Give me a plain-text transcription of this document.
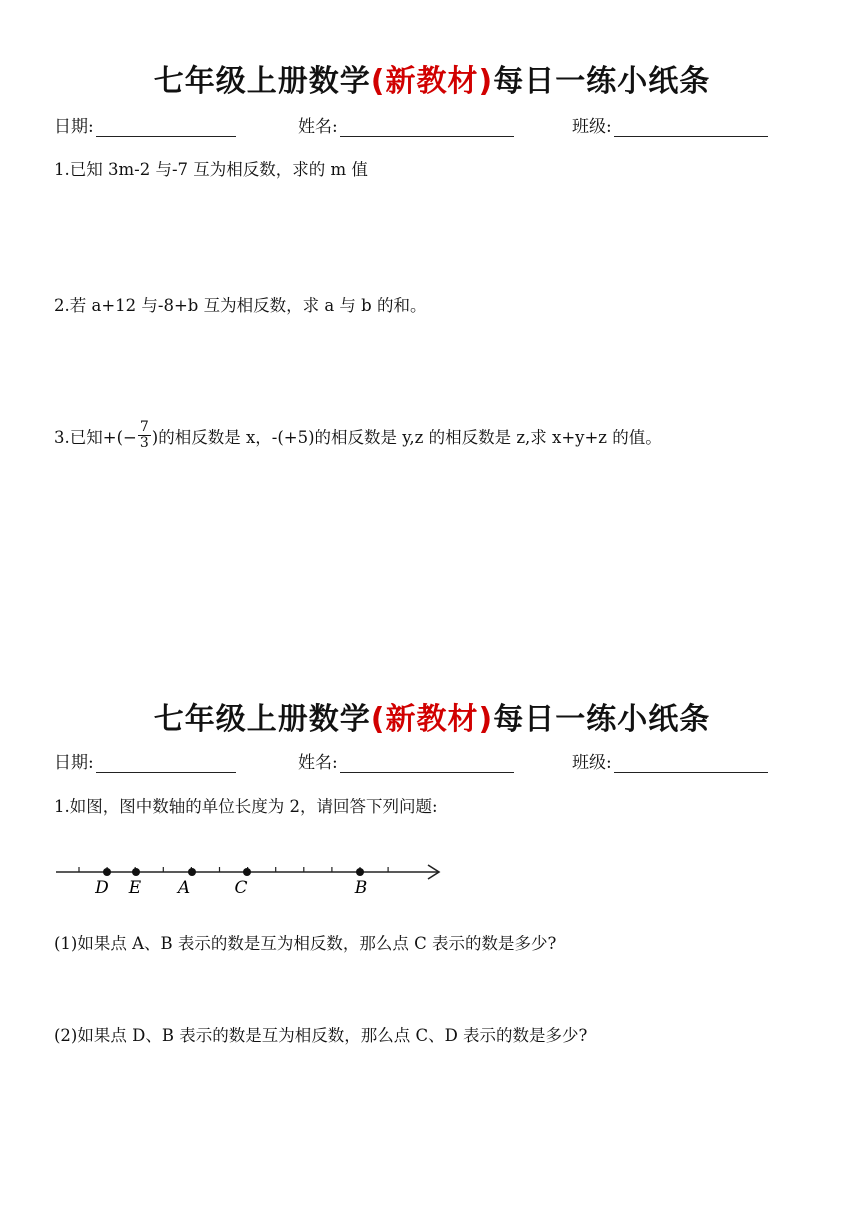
七年级上册数学(新教材)每日一练小纸条
日期:	姓名:	班级:
1.已知 3m-2 与-7 互为相反数，求的 m 值
2.若 a+12 与-8+b 互为相反数，求 a 与 b 的和。
3.已知+(− $\frac{7}{3}$ )的相反数是 x，-(+5)的相反数是 y,z 的相反数是 z,求 x+y+z 的值。
七年级上册数学(新教材)每日一练小纸条
日期:	姓名:	班级:
1.如图，图中数轴的单位长度为 2，请回答下列问题:
D E A	C	B
(1)如果点 A、B 表示的数是互为相反数，那么点 C 表示的数是多少?
(2)如果点 D、B 表示的数是互为相反数，那么点 C、D 表示的数是多少?
